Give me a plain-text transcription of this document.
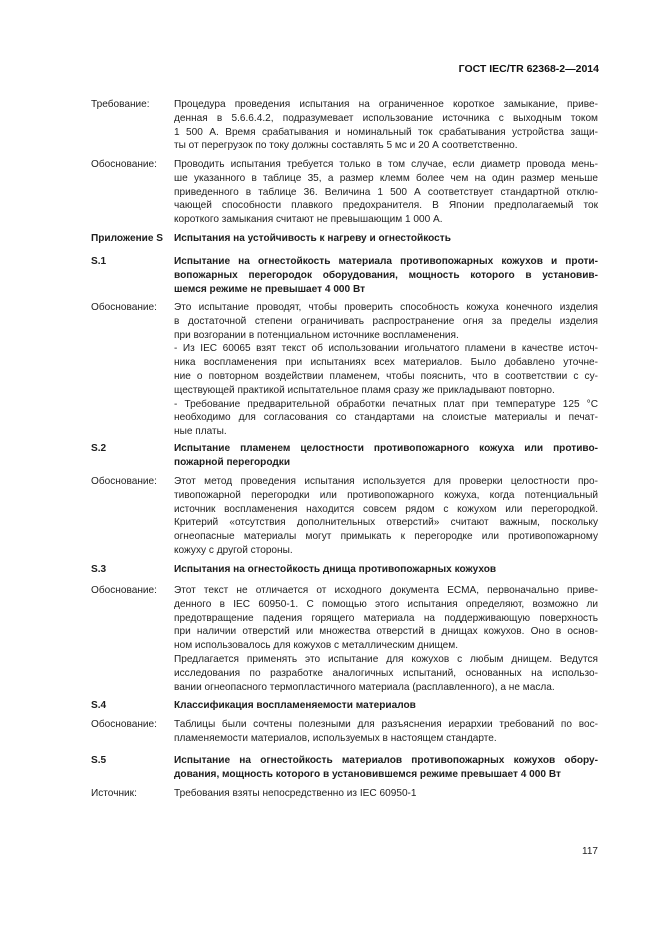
ГОСТ IEC/TR 62368-2—2014
Требование:	Процедура проведения испытания на ограниченное короткое замыкание, приве-
денная в 5.6.6.4.2, подразумевает использование источника с выходным током
1 500 А. Время срабатывания и номинальный ток срабатывания устройства защи-
ты от перегрузок по току должны составлять 5 мс и 20 А соответственно.
Обоснование:	Проводить испытания требуется только в том случае, если диаметр провода мень-
ше указанного в таблице 35, а размер клемм более чем на один размер меньше
приведенного в таблице 36. Величина 1 500 А соответствует стандартной отклю-
чающей способности плавкого предохранителя. В Японии предполагаемый ток
короткого замыкания считают не превышающим 1 000 А.
Приложение S	Испытания на устойчивость к нагреву и огнестойкость
S.1	Испытание на огнестойкость материала противопожарных кожухов и проти-
вопожарных перегородок оборудования, мощность которого в установив-
шемся режиме не превышает 4 000 Вт
Обоснование:	Это испытание проводят, чтобы проверить способность кожуха конечного изделия
в достаточной степени ограничивать распространение огня за пределы изделия
при возгорании в потенциальном источнике воспламенения.
- Из IEC 60065 взят текст об использовании игольчатого пламени в качестве источ-
ника воспламенения при испытаниях всех материалов. Было добавлено уточне-
ние о повторном воздействии пламенем, чтобы пояснить, что в соответствии с су-
ществующей практикой испытательное пламя сразу же прикладывают повторно.
- Требование предварительной обработки печатных плат при температуре 125 °С
необходимо для согласования со стандартами на слоистые материалы и печат-
ные платы.
S.2	Испытание пламенем целостности противопожарного кожуха или противо-
пожарной перегородки
Обоснование:	Этот метод проведения испытания используется для проверки целостности про-
тивопожарной перегородки или противопожарного кожуха, когда потенциальный
источник воспламенения находится совсем рядом с кожухом или перегородкой.
Критерий «отсутствия дополнительных отверстий» считают важным, поскольку
огнеопасные материалы могут примыкать к перегородке или противопожарному
кожуху с другой стороны.
S.3	Испытания на огнестойкость днища противопожарных кожухов
Обоснование:	Этот текст не отличается от исходного документа ЕСМА, первоначально приве-
денного в IEC 60950-1. С помощью этого испытания определяют, возможно ли
предотвращение падения горящего материала на поддерживающую поверхность
при наличии отверстий или множества отверстий в днищах кожухов. Оно в основ-
ном использовалось для кожухов с металлическим днищем.
Предлагается применять это испытание для кожухов с любым днищем. Ведутся
исследования по разработке аналогичных испытаний, основанных на использо-
вании огнеопасного термопластичного материала (расплавленного), а не масла.
S.4	Классификация воспламеняемости материалов
Обоснование:	Таблицы были сочтены полезными для разъяснения иерархии требований по вос-
пламеняемости материалов, используемых в настоящем стандарте.
S.5	Испытание на огнестойкость материалов противопожарных кожухов обору-
дования, мощность которого в установившемся режиме превышает 4 000 Вт
Источник:	Требования взяты непосредственно из IEC 60950-1
117
